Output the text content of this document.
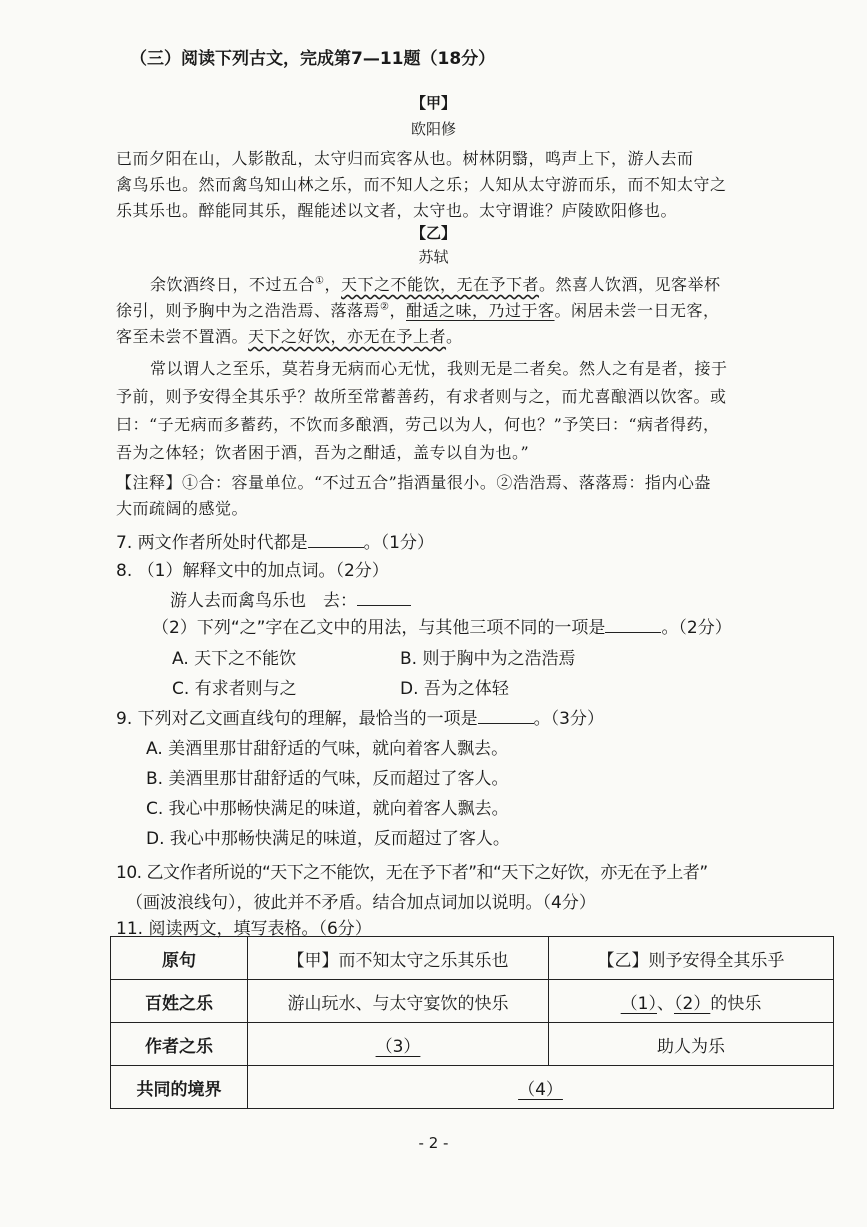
（三）阅读下列古文，完成第7—11题（18分）
【甲】
欧阳修
已而夕阳在山，人影散乱，太守归而宾客从也。树林阴翳，鸣声上下，游人去而
禽鸟乐也。然而禽鸟知山林之乐，而不知人之乐；人知从太守游而乐，而不知太守之
乐其乐也。醉能同其乐，醒能述以文者，太守也。太守谓谁？庐陵欧阳修也。
【乙】
苏轼
余饮酒终日，不过五合①，天下之不能饮，无在予下者。然喜人饮酒，见客举杯
徐引，则予胸中为之浩浩焉、落落焉②，酣适之味，乃过于客。闲居未尝一日无客，
客至未尝不置酒。天下之好饮，亦无在予上者。
常以谓人之至乐，莫若身无病而心无忧，我则无是二者矣。然人之有是者，接于
予前，则予安得全其乐乎？故所至常蓄善药，有求者则与之，而尤喜酿酒以饮客。或
曰：“子无病而多蓄药，不饮而多酿酒，劳己以为人，何也？”予笑曰：“病者得药，
吾为之体轻；饮者困于酒，吾为之酣适，盖专以自为也。”
【注释】①合：容量单位。“不过五合”指酒量很小。②浩浩焉、落落焉：指内心盎
大而疏阔的感觉。
7. 两文作者所处时代都是	。（1分）
8. （1）解释文中的加点词。（2分）
游人去而禽鸟乐也　去：
（2）下列“之”字在乙文中的用法，与其他三项不同的一项是	。（2分）
A. 天下之不能饮	B. 则于胸中为之浩浩焉
C. 有求者则与之	D. 吾为之体轻
9. 下列对乙文画直线句的理解，最恰当的一项是	。（3分）
A. 美酒里那甘甜舒适的气味，就向着客人飘去。
B. 美酒里那甘甜舒适的气味，反而超过了客人。
C. 我心中那畅快满足的味道，就向着客人飘去。
D. 我心中那畅快满足的味道，反而超过了客人。
10. 乙文作者所说的“天下之不能饮，无在予下者”和“天下之好饮，亦无在予上者”
（画波浪线句），彼此并不矛盾。结合加点词加以说明。（4分）
11. 阅读两文，填写表格。（6分）
原句	【甲】而不知太守之乐其乐也	【乙】则予安得全其乐乎
百姓之乐	游山玩水、与太守宴饮的快乐	（1）、（2）的快乐
作者之乐	（3）	助人为乐
共同的境界	（4）	
- 2 -
